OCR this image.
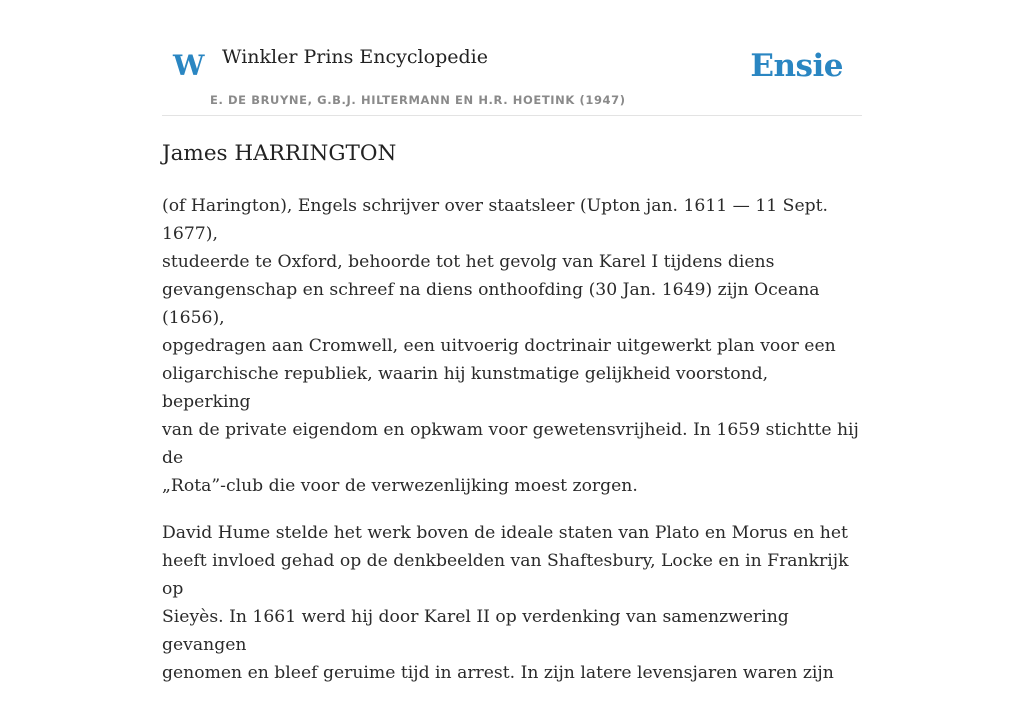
W Winkler Prins Encyclopedie
E. DE BRUYNE, G.B.J. HILTERMANN EN H.R. HOETINK (1947)
Ensie
James HARRINGTON

(of Harington), Engels schrijver over staatsleer (Upton jan. 1611 — 11 Sept. 1677),
studeerde te Oxford, behoorde tot het gevolg van Karel I tijdens diens
gevangenschap en schreef na diens onthoofding (30 Jan. 1649) zijn Oceana (1656),
opgedragen aan Cromwell, een uitvoerig doctrinair uitgewerkt plan voor een
oligarchische republiek, waarin hij kunstmatige gelijkheid voorstond, beperking
van de private eigendom en opkwam voor gewetensvrijheid. In 1659 stichtte hij de
„Rota”-club die voor de verwezenlijking moest zorgen.

David Hume stelde het werk boven de ideale staten van Plato en Morus en het
heeft invloed gehad op de denkbeelden van Shaftesbury, Locke en in Frankrijk op
Sieyès. In 1661 werd hij door Karel II op verdenking van samenzwering gevangen
genomen en bleef geruime tijd in arrest. In zijn latere levensjaren waren zijn
